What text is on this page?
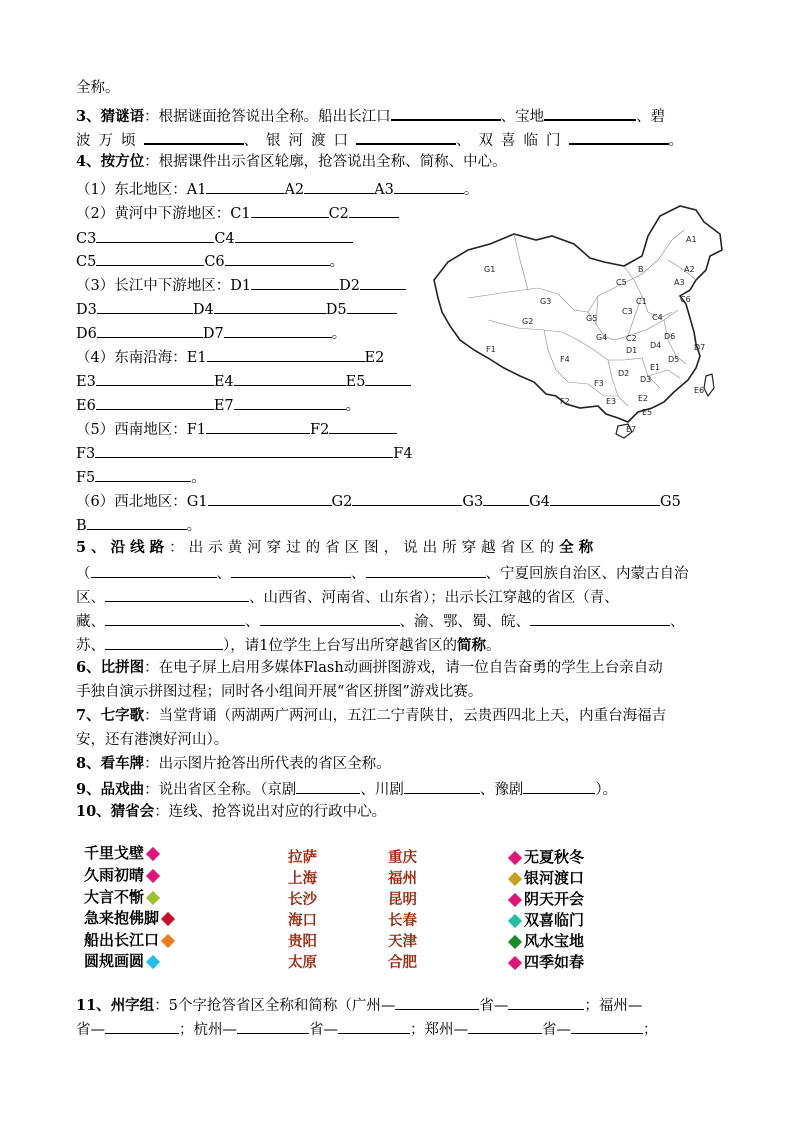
全称。
3、猜谜语：根据谜面抢答说出全称。船出长江口	、宝地	、碧
波万顷	、银河渡口	、双喜临门	。
4、按方位：根据课件出示省区轮廓，抢答说出全称、简称、中心。
（1）东北地区：A1	A2	A3	。
（2）黄河中下游地区：C1	C2
C3	C4
C5	C6	。
（3）长江中下游地区：D1	D2
D3	D4	D5
D6	D7	。
（4）东南沿海：E1	E2
E3	E4	E5
E6	E7	。
（5）西南地区：F1	F2
F3	F4
F5	。
（6）西北地区：G1	G2	G3	G4	G5
B	。
A1
A2
A3
B
C1
C2
C3
C4
C5
C6
D1
D2
D3
D4
D5
D6
D7
E1
E2
E3
E5
E6
E7
F1
F2
F3
F4
G1
G2
G3
G4
G5
5、沿线路：出示黄河穿过的省区图，说出所穿越省区的全称
（	、	、	、宁夏回族自治区、内蒙古自治
区、	、山西省、河南省、山东省）；出示长江穿越的省区（青、
藏、	、	、渝、鄂、蜀、皖、	、
苏、	），请1位学生上台写出所穿越省区的简称。
6、比拼图：在电子屏上启用多媒体Flash动画拼图游戏，请一位自告奋勇的学生上台亲自动
手独自演示拼图过程；同时各小组间开展“省区拼图”游戏比赛。
7、七字歌：当堂背诵（两湖两广两河山，五江二宁青陕甘，云贵西四北上天，内重台海福吉
安，还有港澳好河山）。
8、看车牌：出示图片抢答出所代表的省区全称。
9、品戏曲：说出省区全称。（京剧	、川剧	、豫剧	）。
10、猜省会：连线、抢答说出对应的行政中心。
千里戈壁
久雨初晴
大言不惭
急来抱佛脚
船出长江口
圆规画圆
拉萨
上海
长沙
海口
贵阳
太原
重庆
福州
昆明
长春
天津
合肥
无夏秋冬
银河渡口
阴天开会
双喜临门
风水宝地
四季如春
11、州字组：5个字抢答省区全称和简称（广州—	省—	；福州—
省—	；杭州—	省—	；郑州—	省—	；
